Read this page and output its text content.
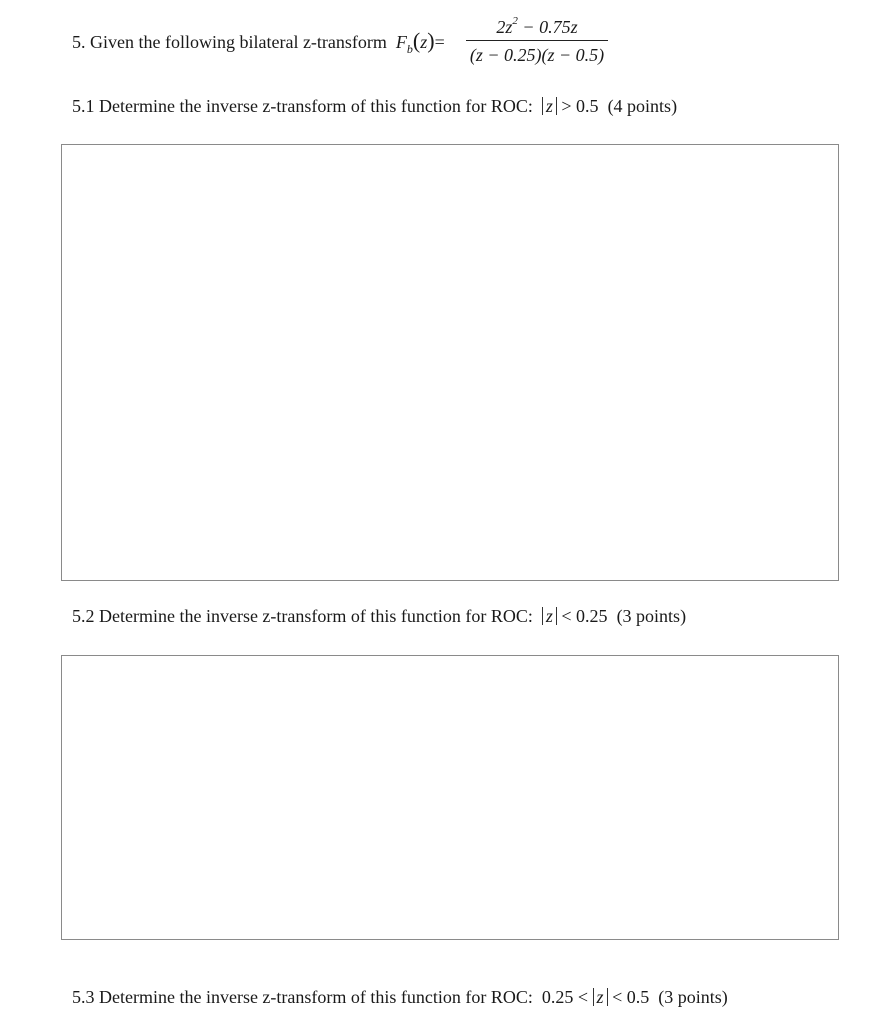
5. Given the following bilateral z-transform $F_b(z)=$
$2z^2 - 0.75z$
(z − 0.25)(z − 0.5)
5.1 Determine the inverse z-transform of this function for ROC: z > 0.5 (4 points)
5.2 Determine the inverse z-transform of this function for ROC: z < 0.25 (3 points)
5.3 Determine the inverse z-transform of this function for ROC: 0.25 < z < 0.5 (3 points)
